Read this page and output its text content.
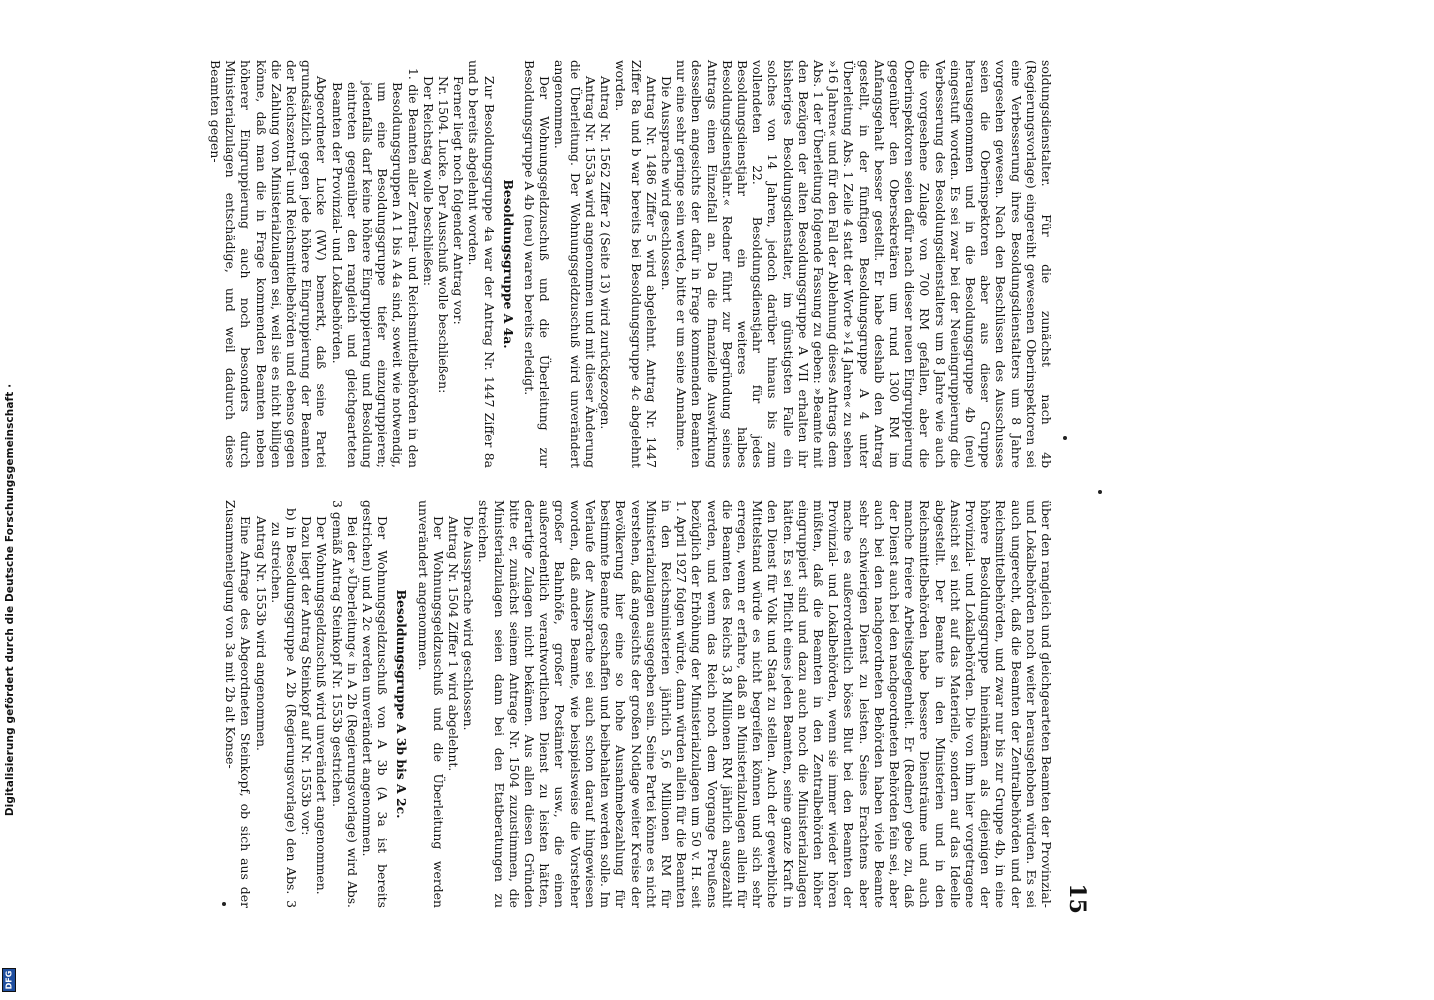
Digitalisierung gefördert durch die Deutsche Forschungsgemeinschaft ·
DFG
15
soldungsdienstalter. Für die zunächst nach 4b (Regierungsvorlage) eingereiht gewesenen Oberinspektoren sei eine Verbesserung ihres Besoldungsdienstalters um 8 Jahre vorgesehen gewesen. Nach den Beschlüssen des Ausschusses seien die Oberinspektoren aber aus dieser Gruppe herausgenommen und in die Besoldungsgruppe 4b (neu) eingestuft worden. Es sei zwar bei der Neueingruppierung die Verbesserung des Besoldungsdienstalters um 8 Jahre wie auch die vorgesehene Zulage von 700 RM gefallen, aber die Oberinspektoren seien dafür nach dieser neuen Eingruppierung gegenüber den Obersekretären um rund 1300 RM im Anfangsgehalt besser gestellt. Er habe deshalb den Antrag gestellt, in der fünftigen Besoldungsgruppe A 4 unter Überleitung Abs. 1 Zeile 4 statt der Worte »14 Jahren« zu sehen »16 Jahren« und für den Fall der Ablehnung dieses Antrags dem Abs. 1 der Überleitung folgende Fassung zu geben: »Beamte mit den Bezügen der alten Besoldungsgruppe A VII erhalten ihr bisheriges Besoldungsdienstalter, im günstigsten Falle ein solches von 14 Jahren, jedoch darüber hinaus bis zum vollendeten 22. Besoldungsdienstjahr für jedes Besoldungsdienstjahr ein weiteres halbes Besoldungsdienstjahr.« Redner führt zur Begründung seines Antrags einen Einzelfall an. Da die finanzielle Auswirkung desselben angesichts der dafür in Frage kommenden Beamten nur eine sehr geringe sein werde, bitte er um seine Annahme.
Die Aussprache wird geschlossen.
Antrag Nr. 1486 Ziffer 5 wird abgelehnt. Antrag Nr. 1447 Ziffer 8a und b war bereits bei Besoldungsgruppe 4c abgelehnt worden.
Antrag Nr. 1562 Ziffer 2 (Seite 13) wird zurückgezogen.
Antrag Nr. 1553a wird angenommen und mit dieser Änderung die Überleitung. Der Wohnungsgeldzuschuß wird unverändert angenommen.
Der Wohnungsgeldzuschuß und die Überleitung zur Besoldungsgruppe A 4b (neu) waren bereits erledigt.
Besoldungsgruppe A 4a.
Zur Besoldungsgruppe 4a war der Antrag Nr. 1447 Ziffer 8a und b bereits abgelehnt worden.
Ferner liegt noch folgender Antrag vor:
Nr. 1504. Lucke. Der Ausschuß wolle beschließen:
Der Reichstag wolle beschließen:
1. die Beamten aller Zentral- und Reichsmittelbehörden in den Besoldungsgruppen A 1 bis A 4a sind, soweit wie notwendig, um eine Besoldungsgruppe tiefer einzugruppieren; jedenfalls darf keine höhere Eingruppierung und Besoldung eintreten gegenüber den rangleich und gleichgearteten Beamten der Provinzial- und Lokalbehörden.
Abgeordneter Lucke (WV) bemerkt, daß seine Partei grundsätzlich gegen jede höhere Eingruppierung der Beamten der Reichszentral- und Reichsmittelbehörden und ebenso gegen die Zahlung von Ministerialzulagen sei, weil sie es nicht billigen könne, daß man die in Frage kommenden Beamten neben höherer Eingruppierung auch noch besonders durch Ministerialzulagen entschädige, und weil dadurch diese Beamten gegen-
über den rangleich und gleichgearteten Beamten der Provinzial- und Lokalbehörden noch weiter herausgehoben würden. Es sei auch ungerecht, daß die Beamten der Zentralbehörden und der Reichsmittelbehörden, und zwar nur bis zur Gruppe 4b, in eine höhere Besoldungsgruppe hineinkämen als diejenigen der Provinzial- und Lokalbehörden. Die von ihm hier vorgetragene Ansicht sei nicht auf das Materielle, sondern auf das Ideelle abgestellt. Der Beamte in den Ministerien und in den Reichsmittelbehörden habe bessere Diensträume und auch manche freiere Arbeitsgelegenheit. Er (Redner) gebe zu, daß der Dienst auch bei den nachgeordneten Behörden fein sei, aber auch bei den nachgeordneten Behörden haben viele Beamte sehr schwierigen Dienst zu leisten. Seines Erachtens aber mache es außerordentlich böses Blut bei den Beamten der Provinzial- und Lokalbehörden, wenn sie immer wieder hören müßten, daß die Beamten in den Zentralbehörden höher eingruppiert sind und dazu auch noch die Ministerialzulagen hätten. Es sei Pflicht eines jeden Beamten, seine ganze Kraft in den Dienst für Volk und Staat zu stellen. Auch der gewerbliche Mittelstand würde es nicht begreifen können und sich sehr erregen, wenn er erfahre, daß an Ministerialzulagen allein für die Beamten des Reichs 3,8 Millionen RM jährlich ausgezahlt werden, und wenn das Reich noch dem Vorgange Preußens bezüglich der Erhöhung der Ministerialzulagen um 50 v. H. seit 1. April 1927 folgen würde, dann würden allein für die Beamten in den Reichsministerien jährlich 5,6 Millionen RM für Ministerialzulagen ausgegeben sein. Seine Partei könne es nicht verstehen, daß angesichts der großen Notlage weiter Kreise der Bevölkerung hier eine so hohe Ausnahmebezahlung für bestimmte Beamte geschaffen und beibehalten werden solle. Im Verlaufe der Aussprache sei auch schon darauf hingewiesen worden, daß andere Beamte, wie beispielsweise die Vorsteher großer Bahnhöfe, großer Postämter usw., die einen außerordentlich verantwortlichen Dienst zu leisten hätten, derartige Zulagen nicht bekämen. Aus allen diesen Gründen bitte er, zunächst seinem Antrage Nr. 1504 zuzustimmen, die Ministerialzulagen seien dann bei den Etatberatungen zu streichen.
Die Aussprache wird geschlossen.
Antrag Nr. 1504 Ziffer 1 wird abgelehnt.
Der Wohnungsgeldzuschuß und die Überleitung werden unverändert angenommen.
Besoldungsgruppe A 3b bis A 2c.
Der Wohnungsgeldzuschuß von A 3b (A 3a ist bereits gestrichen) und A 2c werden unverändert angenommen.
Bei der »Überleitung« in A 2b (Regierungsvorlage) wird Abs. 3 gemäß Antrag Steinkopf Nr. 1553b gestrichen.
Der Wohnungsgeldzuschuß wird unverändert angenommen.
Dazu liegt der Antrag Steinkopf auf Nr. 1553b vor:
b) in Besoldungsgruppe A 2b (Regierungsvorlage) den Abs. 3 zu streichen.
Antrag Nr. 1553b wird angenommen.
Eine Anfrage des Abgeordneten Steinkopf, ob sich aus der Zusammenlegung von 3a mit 2b alt Konse-
